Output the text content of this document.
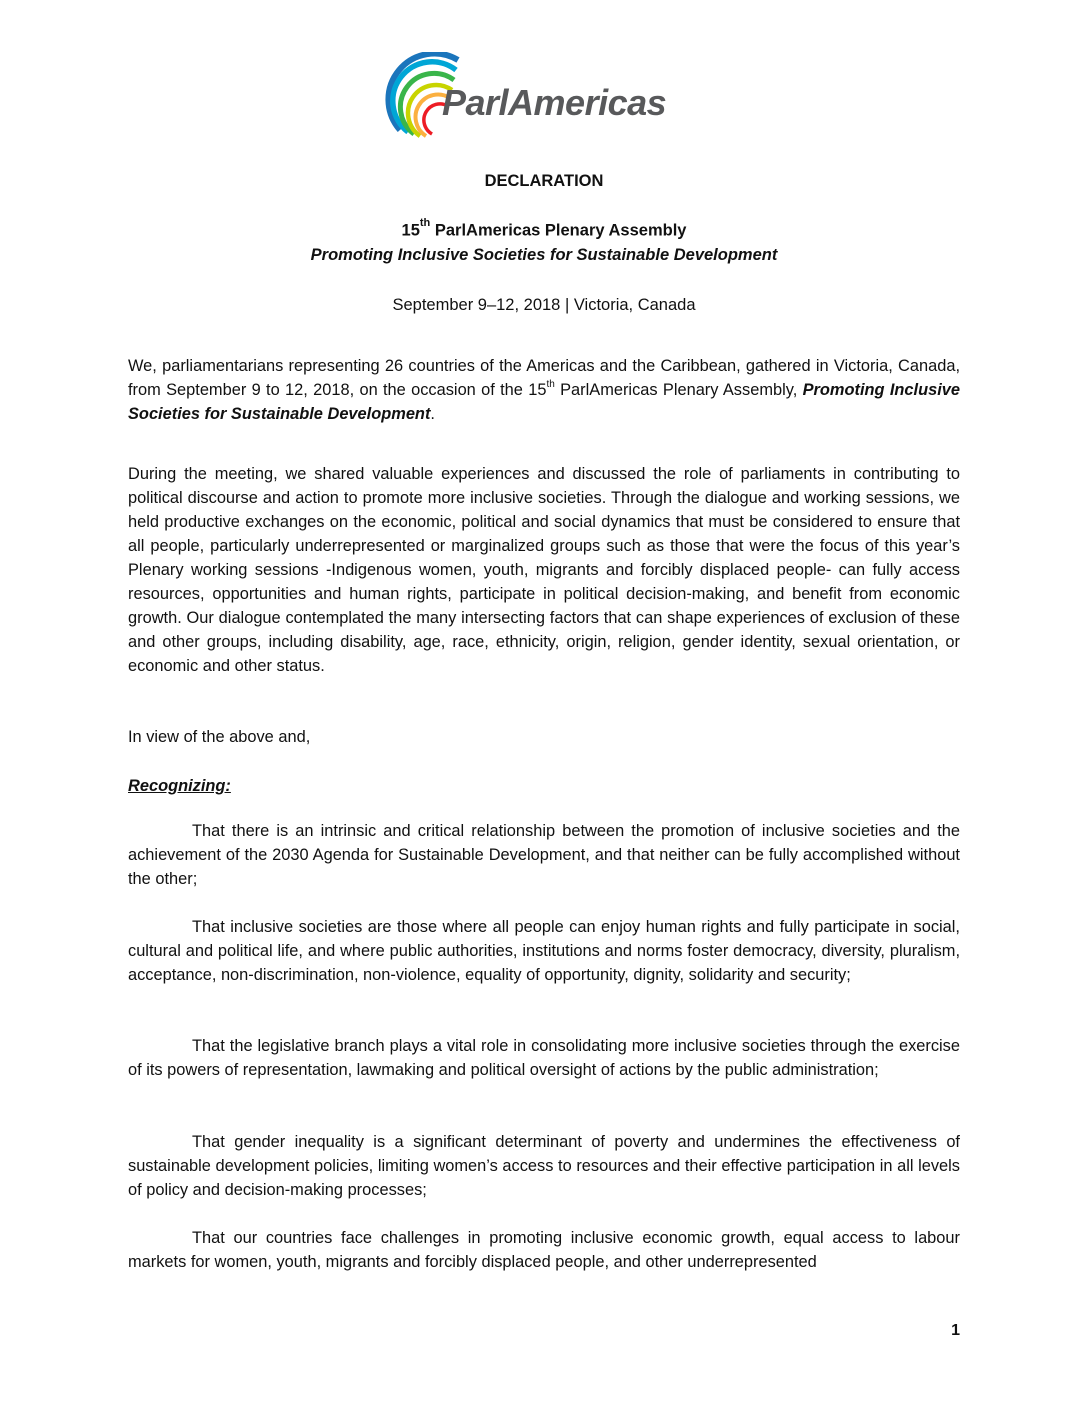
ParlAmericas
DECLARATION
15th ParlAmericas Plenary Assembly
Promoting Inclusive Societies for Sustainable Development
September 9–12, 2018 | Victoria, Canada

We, parliamentarians representing 26 countries of the Americas and the Caribbean, gathered in Victoria, Canada, from September 9 to 12, 2018, on the occasion of the 15th ParlAmericas Plenary Assembly, Promoting Inclusive Societies for Sustainable Development.

During the meeting, we shared valuable experiences and discussed the role of parliaments in contributing to political discourse and action to promote more inclusive societies. Through the dialogue and working sessions, we held productive exchanges on the economic, political and social dynamics that must be considered to ensure that all people, particularly underrepresented or marginalized groups such as those that were the focus of this year’s Plenary working sessions -Indigenous women, youth, migrants and forcibly displaced people- can fully access resources, opportunities and human rights, participate in political decision-making, and benefit from economic growth. Our dialogue contemplated the many intersecting factors that can shape experiences of exclusion of these and other groups, including disability, age, race, ethnicity, origin, religion, gender identity, sexual orientation, or economic and other status.

In view of the above and,

Recognizing:

That there is an intrinsic and critical relationship between the promotion of inclusive societies and the achievement of the 2030 Agenda for Sustainable Development, and that neither can be fully accomplished without the other;

That inclusive societies are those where all people can enjoy human rights and fully participate in social, cultural and political life, and where public authorities, institutions and norms foster democracy, diversity, pluralism, acceptance, non-discrimination, non-violence, equality of opportunity, dignity, solidarity and security;

That the legislative branch plays a vital role in consolidating more inclusive societies through the exercise of its powers of representation, lawmaking and political oversight of actions by the public administration;

That gender inequality is a significant determinant of poverty and undermines the effectiveness of sustainable development policies, limiting women’s access to resources and their effective participation in all levels of policy and decision-making processes;

That our countries face challenges in promoting inclusive economic growth, equal access to labour markets for women, youth, migrants and forcibly displaced people, and other underrepresented

1
